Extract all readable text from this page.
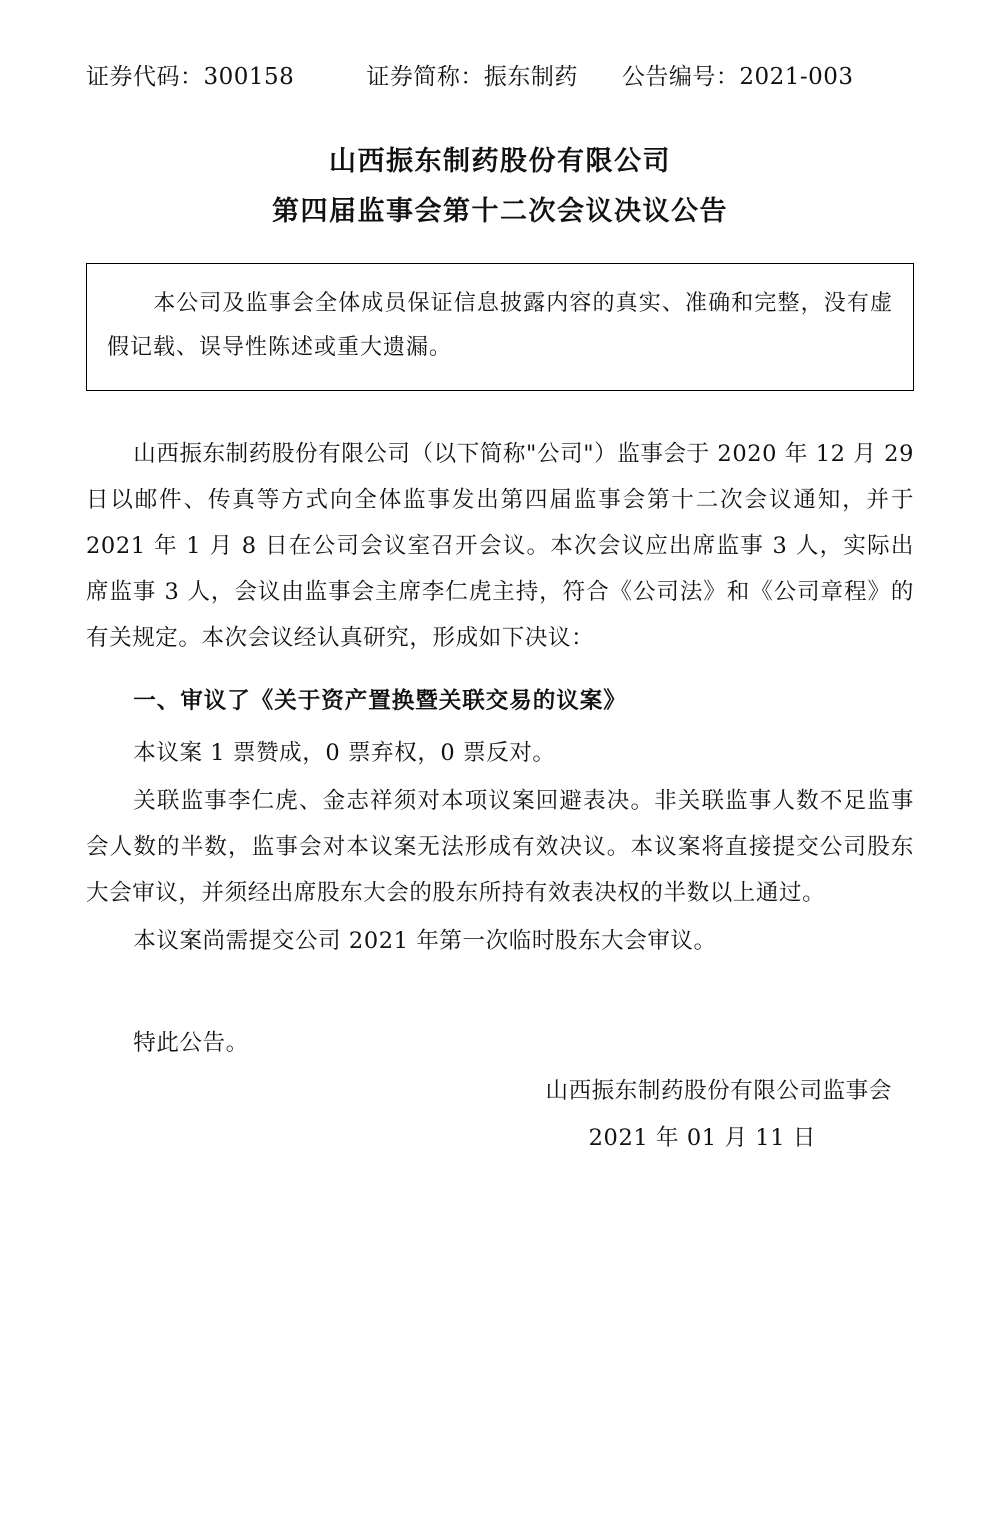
证券代码：300158	证券简称：振东制药 公告编号：2021-003
山西振东制药股份有限公司
第四届监事会第十二次会议决议公告

本公司及监事会全体成员保证信息披露内容的真实、准确和完整，没有虚假记载、误导性陈述或重大遗漏。

山西振东制药股份有限公司（以下简称"公司"）监事会于 2020 年 12 月 29 日以邮件、传真等方式向全体监事发出第四届监事会第十二次会议通知，并于 2021 年 1 月 8 日在公司会议室召开会议。本次会议应出席监事 3 人，实际出席监事 3 人，会议由监事会主席李仁虎主持，符合《公司法》和《公司章程》的有关规定。本次会议经认真研究，形成如下决议：

一、审议了《关于资产置换暨关联交易的议案》

本议案 1 票赞成，0 票弃权，0 票反对。

关联监事李仁虎、金志祥须对本项议案回避表决。非关联监事人数不足监事会人数的半数，监事会对本议案无法形成有效决议。本议案将直接提交公司股东大会审议，并须经出席股东大会的股东所持有效表决权的半数以上通过。

本议案尚需提交公司 2021 年第一次临时股东大会审议。

特此公告。

山西振东制药股份有限公司监事会
2021 年 01 月 11 日
